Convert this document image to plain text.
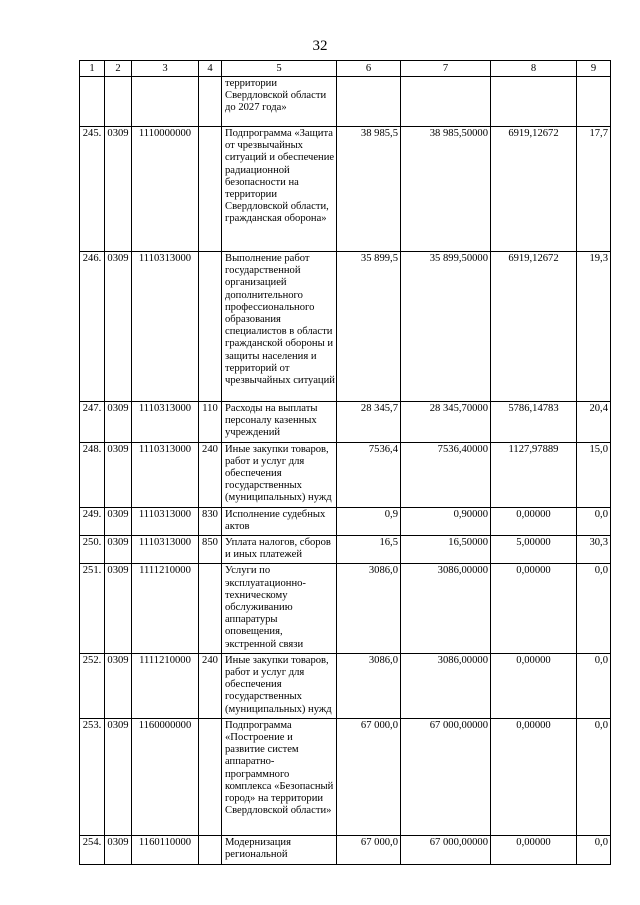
32
1	2	3	4	5	6	7	8	9
				территории Свердловской области до 2027 года»				
245.	0309	1110000000		Подпрограмма «Защита от чрезвычайных ситуаций и обеспечение радиационной безопасности на территории Свердловской области, гражданская оборона»	38 985,5	38 985,50000	6919,12672	17,7
246.	0309	1110313000		Выполнение работ государственной организацией дополнительного профессионального образования специалистов в области гражданской обороны и защиты населения и территорий от чрезвычайных ситуаций	35 899,5	35 899,50000	6919,12672	19,3
247.	0309	1110313000	110	Расходы на выплаты персоналу казенных учреждений	28 345,7	28 345,70000	5786,14783	20,4
248.	0309	1110313000	240	Иные закупки товаров, работ и услуг для обеспечения государственных (муниципальных) нужд	7536,4	7536,40000	1127,97889	15,0
249.	0309	1110313000	830	Исполнение судебных актов	0,9	0,90000	0,00000	0,0
250.	0309	1110313000	850	Уплата налогов, сборов и иных платежей	16,5	16,50000	5,00000	30,3
251.	0309	1111210000		Услуги по эксплуатационно-техническому обслуживанию аппаратуры оповещения, экстренной связи	3086,0	3086,00000	0,00000	0,0
252.	0309	1111210000	240	Иные закупки товаров, работ и услуг для обеспечения государственных (муниципальных) нужд	3086,0	3086,00000	0,00000	0,0
253.	0309	1160000000		Подпрограмма «Построение и развитие систем аппаратно-программного комплекса «Безопасный город» на территории Свердловской области»	67 000,0	67 000,00000	0,00000	0,0
254.	0309	1160110000		Модернизация региональной	67 000,0	67 000,00000	0,00000	0,0
